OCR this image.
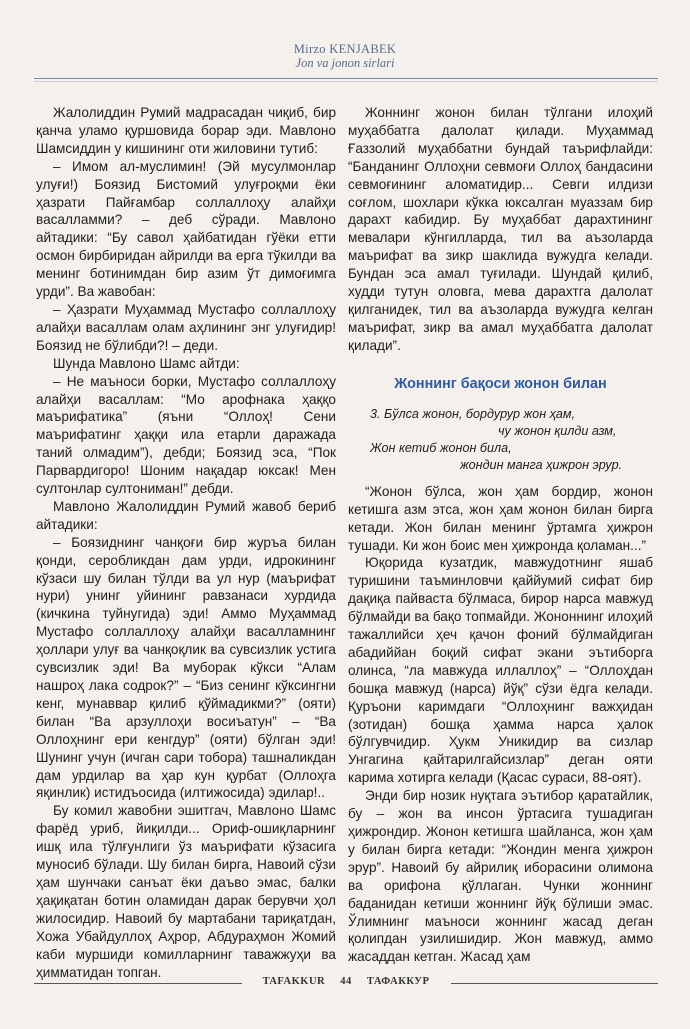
Mirzo KENJABEK
Jon va jonon sirlari

Жалолиддин Румий мадрасадан чиқиб, бир қанча уламо қуршовида борар эди. Мавлоно Шамсиддин у кишининг оти жиловини тутиб:

– Имом ал-муслимин! (Эй мусулмонлар улуғи!) Боязид Бистомий улуғроқми ёки ҳазрати Пайғамбар соллаллоҳу алайҳи васалламми? – деб сўради. Мавлоно айтадики: “Бу савол ҳайбатидан гўёки етти осмон бирбиридан айрилди ва ерга тўкилди ва менинг ботинимдан бир азим ўт димоғимга урди”. Ва жавобан:

– Ҳазрати Муҳаммад Мустафо соллаллоҳу алайҳи васаллам олам аҳлининг энг улуғидир! Боязид не бўлибди?! – деди.

Шунда Мавлоно Шамс айтди:

– Не маъноси борки, Мустафо соллаллоҳу алайҳи васаллам: “Мо арофнака ҳаққо маърифатика” (яъни “Оллоҳ! Сени маърифатинг ҳаққи ила етарли даражада таний олмадим”), дебди; Боязид эса, “Пок Парвардигоро! Шоним нақадар юксак! Мен султонлар султониман!” дебди.

Мавлоно Жалолиддин Румий жавоб бериб айтадики:

– Боязиднинг чанқоғи бир журъа билан қонди, серобликдан дам урди, идрокининг кўзаси шу билан тўлди ва ул нур (маърифат нури) унинг уйининг равзанаси хурдида (кичкина туйнугида) эди! Аммо Муҳаммад Мустафо соллаллоҳу алайҳи васалламнинг ҳоллари улуғ ва чанқоқлик ва сувсизлик устига сувсизлик эди! Ва муборак кўкси “Алам нашроҳ лака содрок?” – “Биз сенинг кўксингни кенг, мунаввар қилиб қўймадикми?” (ояти) билан “Ва арзуллоҳи восиъатун” – “Ва Оллоҳнинг ери кенгдур” (ояти) бўлган эди! Шунинг учун (ичган сари тобора) ташналикдан дам урдилар ва ҳар кун қурбат (Оллоҳга яқинлик) истидъосида (илтижосида) эдилар!..

Бу комил жавобни эшитгач, Мавлоно Шамс фарёд уриб, йиқилди... Ориф-ошиқларнинг ишқ ила тўлғунлиги ўз маърифати кўзасига муносиб бўлади. Шу билан бирга, Навоий сўзи ҳам шунчаки санъат ёки даъво эмас, балки ҳақиқатан ботин оламидан дарак берувчи ҳол жилосидир. Навоий бу мартабани тариқатдан, Хожа Убайдуллоҳ Аҳрор, Абдураҳмон Жомий каби муршиди комилларнинг таважжуҳи ва ҳимматидан топган.

Жоннинг жонон билан тўлгани илоҳий муҳаббатга далолат қилади. Муҳаммад Ғаззолий муҳаббатни бундай таърифлайди: “Банданинг Оллоҳни севмоғи Оллоҳ бандасини севмоғининг аломатидир... Севги илдизи соғлом, шохлари кўкка юксалган муаззам бир дарахт кабидир. Бу муҳаббат дарахтининг мевалари кўнгилларда, тил ва аъзоларда маърифат ва зикр шаклида вужудга келади. Бундан эса амал туғилади. Шундай қилиб, худди тутун оловга, мева дарахтга далолат қилганидек, тил ва аъзоларда вужудга келган маърифат, зикр ва амал муҳаббатга далолат қилади”.

Жоннинг бақоси жонон билан
3. Бўлса жонон, бордурур жон ҳам,
чу жонон қилди азм,
Жон кетиб жонон била,
жондин манга ҳижрон эрур.

“Жонон бўлса, жон ҳам бордир, жонон кетишга азм этса, жон ҳам жонон билан бирга кетади. Жон билан менинг ўртамга ҳижрон тушади. Ки жон боис мен ҳижронда қоламан...”

Юқорида кузатдик, мавжудотнинг яшаб туришини таъминловчи қаййумий сифат бир дақиқа пайваста бўлмаса, бирор нарса мавжуд бўлмайди ва бақо топмайди. Жононнинг илоҳий тажаллийси ҳеч қачон фоний бўлмайдиган абадиййан боқий сифат экани эътиборга олинса, “ла мавжуда иллаллоҳ” – “Оллоҳдан бошқа мавжуд (нарса) йўқ” сўзи ёдга келади. Қуръони каримдаги “Оллоҳнинг важҳидан (зотидан) бошқа ҳамма нарса ҳалок бўлгувчидир. Ҳукм Уникидир ва сизлар Унгагина қайтарилгайсизлар” деган ояти карима хотирга келади (Қасас сураси, 88-оят).

Энди бир нозик нуқтага эътибор қаратайлик, бу – жон ва инсон ўртасига тушадиган ҳижрондир. Жонон кетишга шайланса, жон ҳам у билан бирга кетади: “Жондин менга ҳижрон эрур”. Навоий бу айрилиқ иборасини олимона ва орифона қўллаган. Чунки жоннинг баданидан кетиши жоннинг йўқ бўлиши эмас. Ўлимнинг маъноси жоннинг жасад деган қолипдан узилишидир. Жон мавжуд, аммо жасаддан кетган. Жасад ҳам

TAFAKKUR 44 ТАФАККУР
